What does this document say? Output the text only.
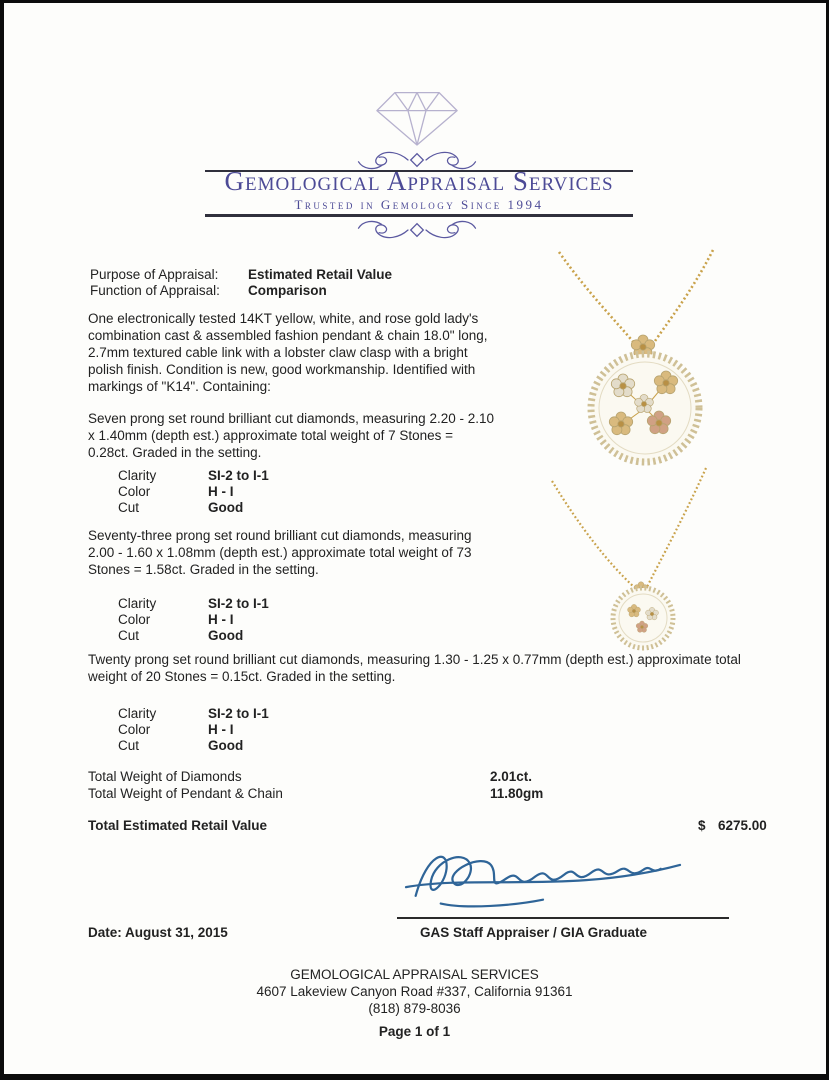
Gemological Appraisal Services
Trusted in Gemology Since 1994
Purpose of Appraisal:	Estimated Retail Value
Function of Appraisal:	Comparison
One electronically tested 14KT yellow, white, and rose gold lady's combination cast & assembled fashion pendant & chain 18.0" long, 2.7mm textured cable link with a lobster claw clasp with a bright polish finish. Condition is new, good workmanship. Identified with markings of "K14". Containing:
Seven prong set round brilliant cut diamonds, measuring 2.20 - 2.10 x 1.40mm (depth est.) approximate total weight of 7 Stones = 0.28ct. Graded in the setting.
Clarity	SI-2 to I-1
Color	H - I
Cut	Good
Seventy-three prong set round brilliant cut diamonds, measuring 2.00 - 1.60 x 1.08mm (depth est.) approximate total weight of 73 Stones = 1.58ct. Graded in the setting.
Clarity	SI-2 to I-1
Color	H - I
Cut	Good
Twenty prong set round brilliant cut diamonds, measuring 1.30 - 1.25 x 0.77mm (depth est.) approximate total weight of 20 Stones = 0.15ct. Graded in the setting.
Clarity	SI-2 to I-1
Color	H - I
Cut	Good
Total Weight of Diamonds	2.01ct.
Total Weight of Pendant & Chain	11.80gm
Total Estimated Retail Value	$ 6275.00
GAS Staff Appraiser / GIA Graduate
Date: August 31, 2015
GEMOLOGICAL APPRAISAL SERVICES
4607 Lakeview Canyon Road #337, California 91361
(818) 879-8036
Page 1 of 1
